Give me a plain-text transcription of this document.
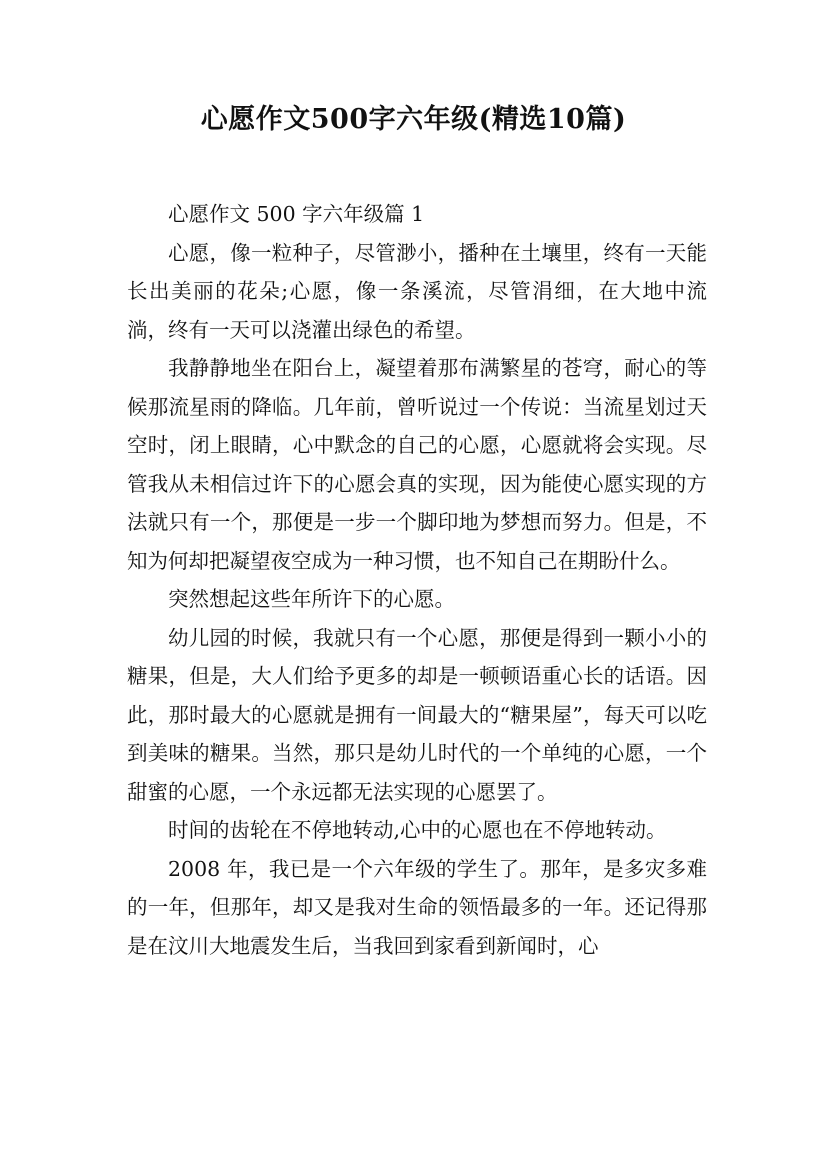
心愿作文500字六年级(精选10篇)

心愿作文 500 字六年级篇 1

心愿，像一粒种子，尽管渺小，播种在土壤里，终有一天能长出美丽的花朵;心愿，像一条溪流，尽管涓细，在大地中流淌，终有一天可以浇灌出绿色的希望。

我静静地坐在阳台上，凝望着那布满繁星的苍穹，耐心的等候那流星雨的降临。几年前，曾听说过一个传说：当流星划过天空时，闭上眼睛，心中默念的自己的心愿，心愿就将会实现。尽管我从未相信过许下的心愿会真的实现，因为能使心愿实现的方法就只有一个，那便是一步一个脚印地为梦想而努力。但是，不知为何却把凝望夜空成为一种习惯，也不知自己在期盼什么。

突然想起这些年所许下的心愿。

幼儿园的时候，我就只有一个心愿，那便是得到一颗小小的糖果，但是，大人们给予更多的却是一顿顿语重心长的话语。因此，那时最大的心愿就是拥有一间最大的“糖果屋”，每天可以吃到美味的糖果。当然，那只是幼儿时代的一个单纯的心愿，一个甜蜜的心愿，一个永远都无法实现的心愿罢了。

时间的齿轮在不停地转动,心中的心愿也在不停地转动。

2008 年，我已是一个六年级的学生了。那年，是多灾多难的一年，但那年，却又是我对生命的领悟最多的一年。还记得那是在汶川大地震发生后，当我回到家看到新闻时，心
